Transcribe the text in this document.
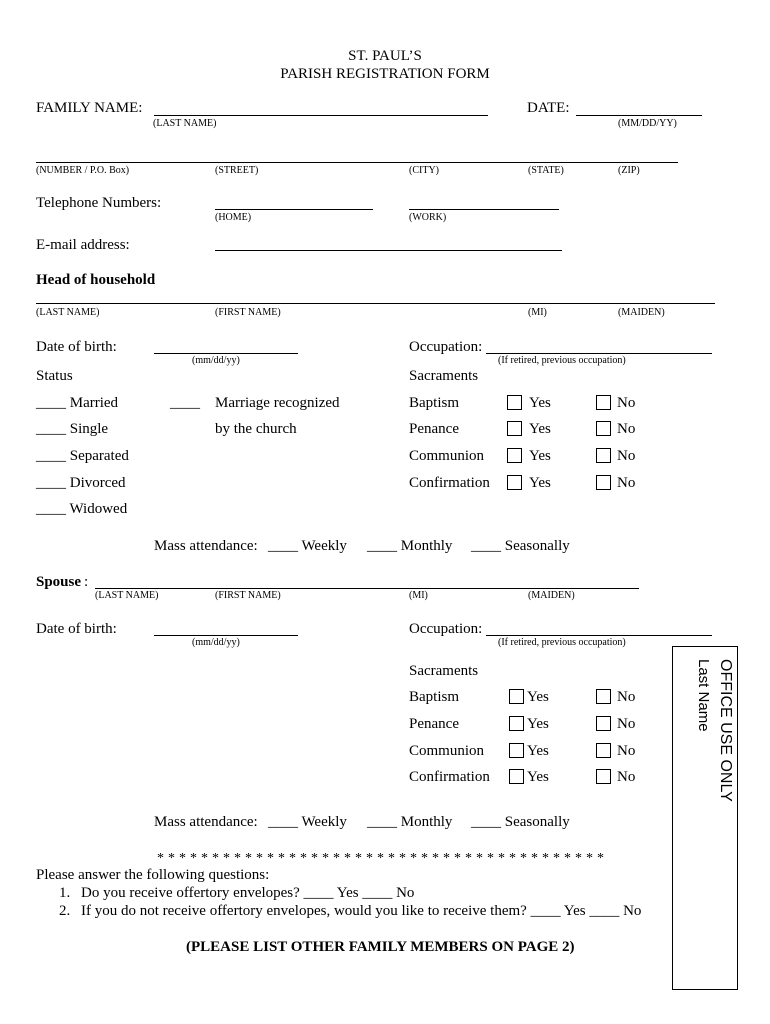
ST. PAUL’S
PARISH REGISTRATION FORM
FAMILY NAME:
(LAST NAME)
DATE:
(MM/DD/YY)
(NUMBER / P.O. Box)	(STREET)	(CITY)	(STATE)	(ZIP)
Telephone Numbers:
(HOME)	(WORK)
E-mail address:
Head of household
(LAST NAME)	(FIRST NAME)	(MI)	(MAIDEN)
Date of birth:
(mm/dd/yy)
Occupation:
(If retired, previous occupation)
Status	Sacraments
____ Married
____ Single
____ Separated
____ Divorced
____ Widowed
____ Marriage recognized
by the church
Baptism	Yes	No
Penance	Yes	No
Communion	Yes	No
Confirmation	Yes	No
Mass attendance: ____ Weekly ____ Monthly ____ Seasonally
Spouse :
(LAST NAME)	(FIRST NAME)	(MI)	(MAIDEN)
Date of birth:
(mm/dd/yy)
Occupation:
(If retired, previous occupation)
Sacraments
Baptism	Yes	No
Penance	Yes	No
Communion	Yes	No
Confirmation Yes	No
Mass attendance: ____ Weekly ____ Monthly ____ Seasonally
* * * * * * * * * * * * * * * * * * * * * * * * * * * * * * * * * * * * * * * * *
Please answer the following questions:
1. Do you receive offertory envelopes? ____ Yes ____ No
2. If you do not receive offertory envelopes, would you like to receive them? ____ Yes ____ No
(PLEASE LIST OTHER FAMILY MEMBERS ON PAGE 2)
OFFICE USE ONLY
Last Name
